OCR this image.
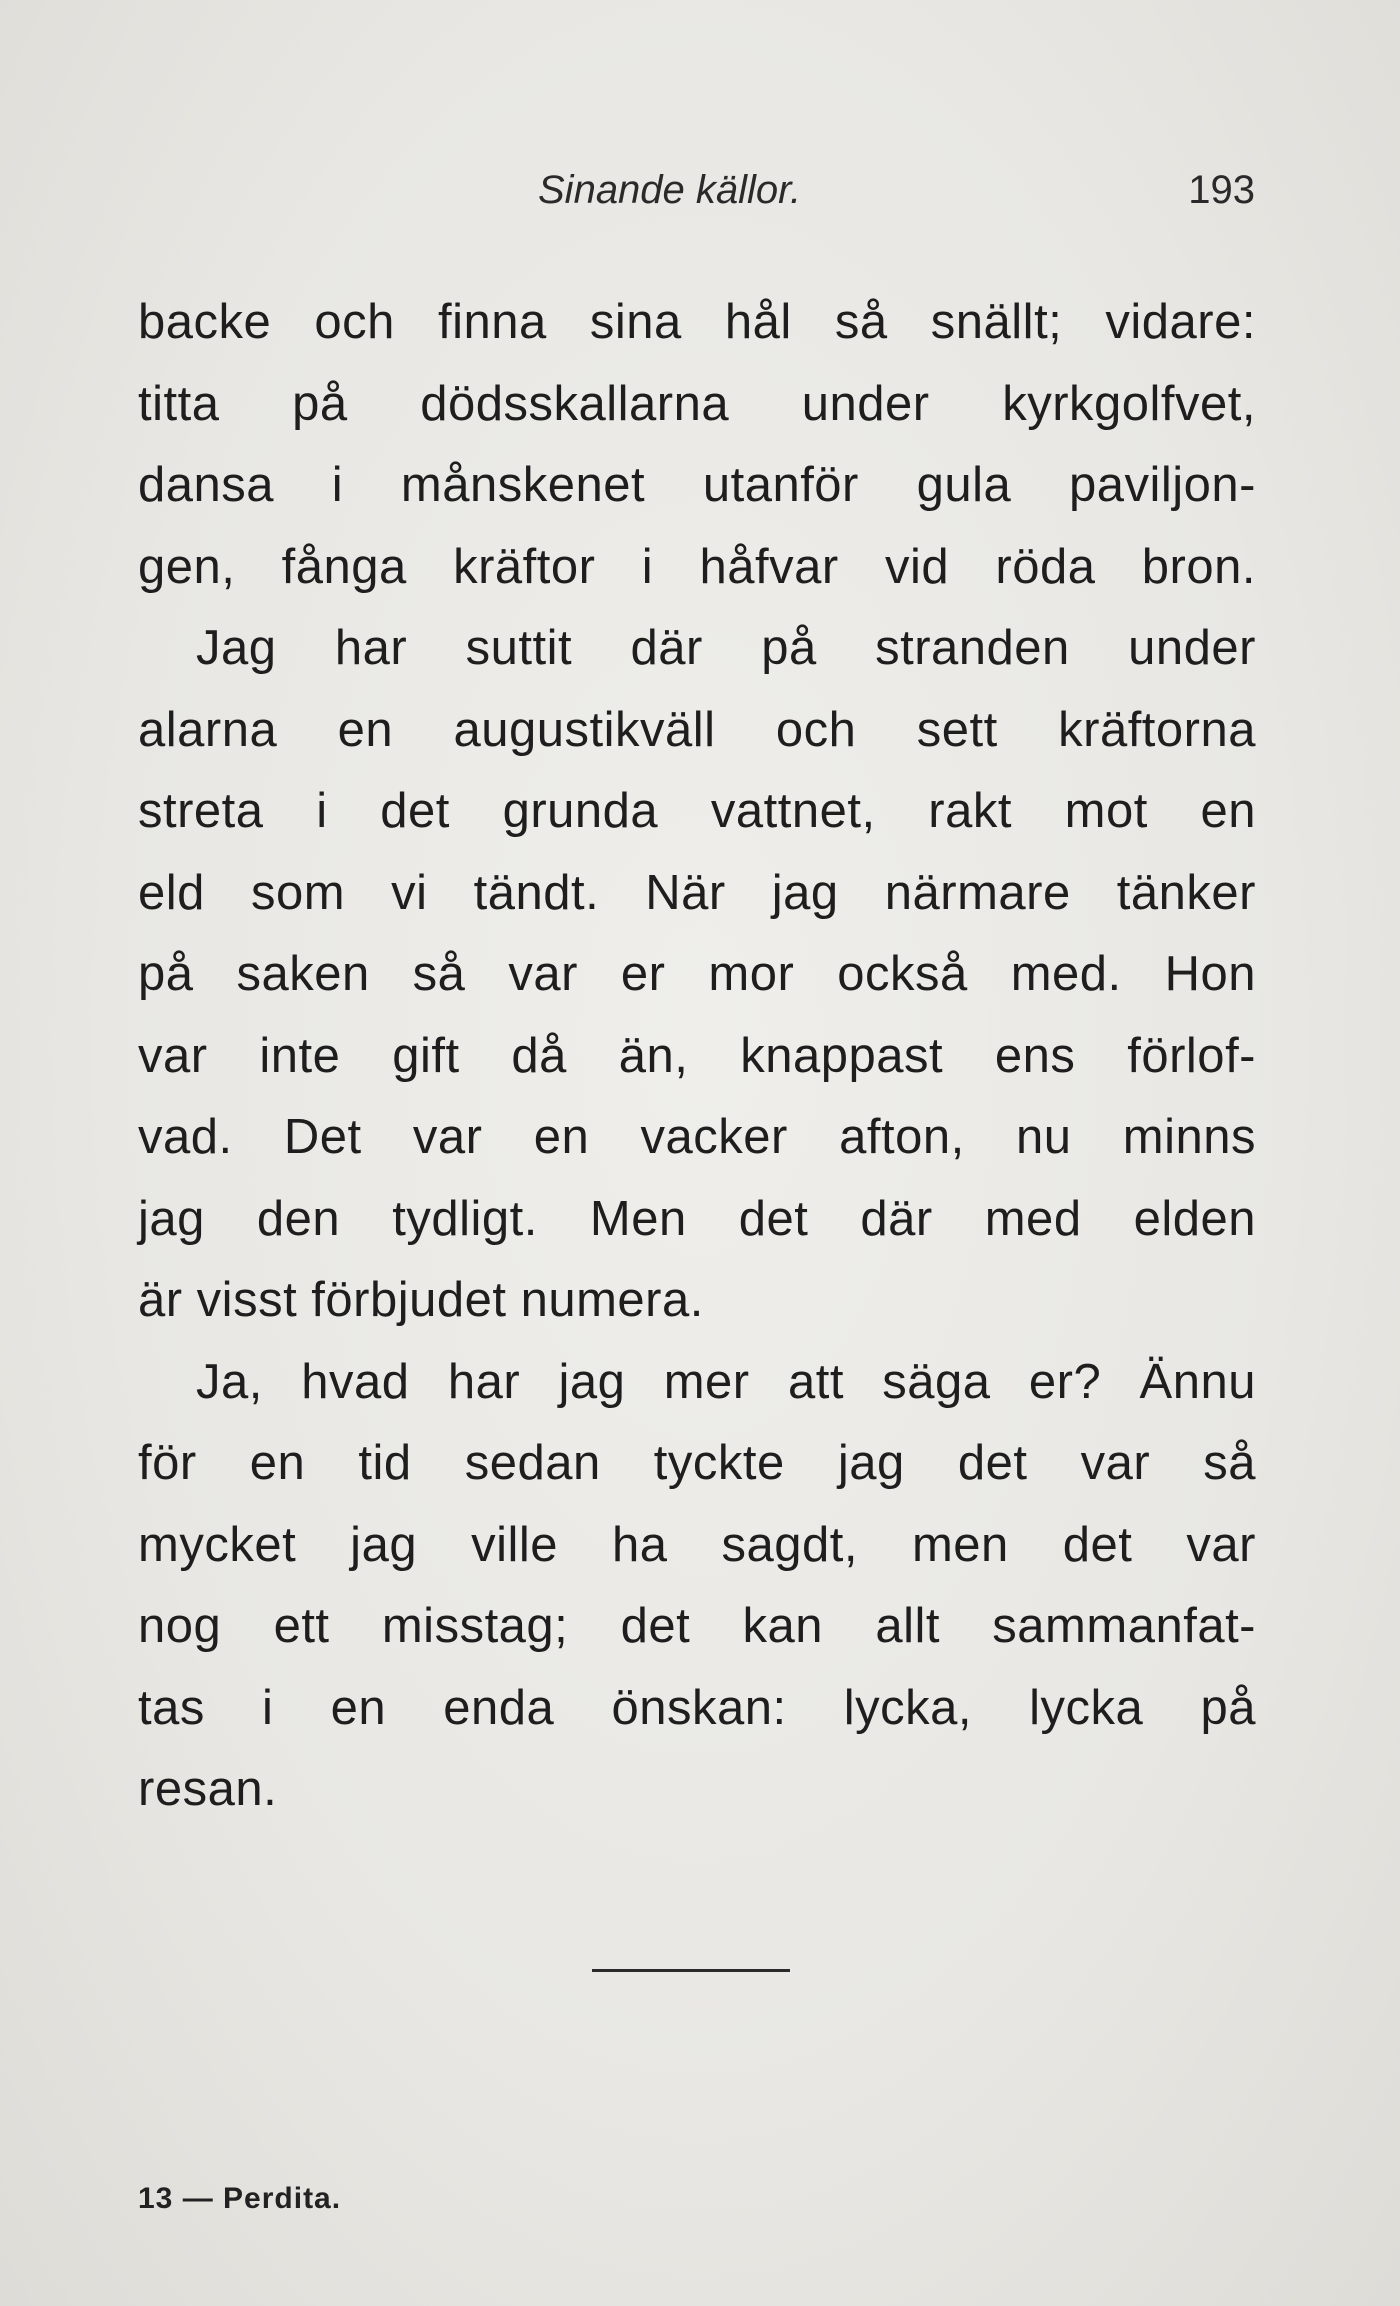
Sinande källor.	193
backe och finna sina hål så snällt; vidare:
titta på dödsskallarna under kyrkgolfvet,
dansa i månskenet utanför gula paviljon-
gen, fånga kräftor i håfvar vid röda bron.
Jag har suttit där på stranden under
alarna en augustikväll och sett kräftorna
streta i det grunda vattnet, rakt mot en
eld som vi tändt. När jag närmare tänker
på saken så var er mor också med. Hon
var inte gift då än, knappast ens förlof-
vad. Det var en vacker afton, nu minns
jag den tydligt. Men det där med elden
är visst förbjudet numera.
Ja, hvad har jag mer att säga er? Ännu
för en tid sedan tyckte jag det var så
mycket jag ville ha sagdt, men det var
nog ett misstag; det kan allt sammanfat-
tas i en enda önskan: lycka, lycka på
resan.
13 — Perdita.
